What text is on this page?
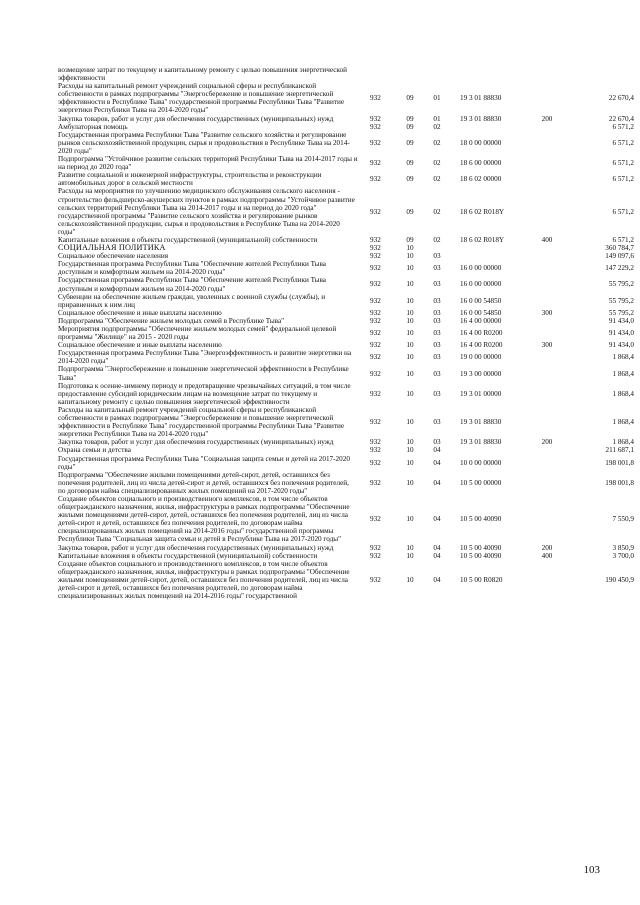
возмещение затрат по текущему и капитальному ремонту с целью повышения энергетической эффективности						
Расходы на капитальный ремонт учреждений социальной сферы и республиканской собственности в рамках подпрограммы "Энергосбережение и повышение энергетической эффективности в Республике Тыва" государственной программы Республики Тыва "Развитие энергетики Республики Тыва на 2014-2020 годы"	932	09	01	19 3 01 88830		22 670,4
Закупка товаров, работ и услуг для обеспечения государственных (муниципальных) нужд	932	09	01	19 3 01 88830	200	22 670,4
Амбулаторная помощь	932	09	02			6 571,2
Государственная программа Республики Тыва "Развитие сельского хозяйства и регулирование рынков сельскохозяйственной продукции, сырья и продовольствия в Республике Тыва на 2014-2020 годы"	932	09	02	18 0 00 00000		6 571,2
Подпрограмма "Устойчивое развитие сельских территорий Республики Тыва на 2014-2017 годы и на период до 2020 года"	932	09	02	18 6 00 00000		6 571,2
Развитие социальной и инженерной инфраструктуры, строительства и реконструкции автомобильных дорог в сельской местности	932	09	02	18 6 02 00000		6 571,2
Расходы на мероприятия по улучшению медицинского обслуживания сельского населения - строительство фельдшерско-акушерских пунктов в рамках подпрограммы "Устойчивое развитие сельских территорий Республики Тыва на 2014-2017 годы и на период до 2020 года" государственной программы "Развитие сельского хозяйства и регулирование рынков сельскохозяйственной продукции, сырья и продовольствия в Республике Тыва на 2014-2020 годы"	932	09	02	18 6 02 R018Y		6 571,2
Капитальные вложения в объекты государственной (муниципальной) собственности	932	09	02	18 6 02 R018Y	400	6 571,2
СОЦИАЛЬНАЯ ПОЛИТИКА	932	10				360 784,7
Социальное обеспечение населения	932	10	03			149 097,6
Государственная программа Республики Тыва "Обеспечение жителей Республики Тыва доступным и комфортным жильем на 2014-2020 годы"	932	10	03	16 0 00 00000		147 229,2
Государственная программа Республики Тыва "Обеспечение жителей Республики Тыва доступным и комфортным жильем на 2014-2020 годы"	932	10	03	16 0 00 00000		55 795,2
Субвенции на обеспечение жильем граждан, уволенных с военной службы (службы), и приравненных к ним лиц	932	10	03	16 0 00 54850		55 795,2
Социальное обеспечение и иные выплаты населению	932	10	03	16 0 00 54850	300	55 795,2
Подпрограмма "Обеспечение жильем молодых семей в Республике Тыва"	932	10	03	16 4 00 00000		91 434,0
Мероприятия подпрограммы "Обеспечение жильем молодых семей" федеральной целевой программы "Жилище" на 2015 - 2020 годы	932	10	03	16 4 00 R0200		91 434,0
Социальное обеспечение и иные выплаты населению	932	10	03	16 4 00 R0200	300	91 434,0
Государственная программа Республики Тыва "Энергоэффективность и развитие энергетики на 2014-2020 годы"	932	10	03	19 0 00 00000		1 868,4
Подпрограмма "Энергосбережение и повышение энергетической эффективности в Республике Тыва"	932	10	03	19 3 00 00000		1 868,4
Подготовка к осенне-зимнему периоду и предотвращение чрезвычайных ситуаций, в том числе предоставление субсидий юридическим лицам на возмещение затрат по текущему и капитальному ремонту с целью повышения энергетической эффективности	932	10	03	19 3 01 00000		1 868,4
Расходы на капитальный ремонт учреждений социальной сферы и республиканской собственности в рамках подпрограммы "Энергосбережение и повышение энергетической эффективности в Республике Тыва" государственной программы Республики Тыва "Развитие энергетики Республики Тыва на 2014-2020 годы"	932	10	03	19 3 01 88830		1 868,4
Закупка товаров, работ и услуг для обеспечения государственных (муниципальных) нужд	932	10	03	19 3 01 88830	200	1 868,4
Охрана семьи и детства	932	10	04			211 687,1
Государственная программа Республики Тыва "Социальная защита семьи и детей на 2017-2020 годы"	932	10	04	10 0 00 00000		198 001,8
Подпрограмма "Обеспечение жилыми помещениями детей-сирот, детей, оставшихся без попечения родителей, лиц из числа детей-сирот и детей, оставшихся без попечения родителей, по договорам найма специализированных жилых помещений на 2017-2020 годы"	932	10	04	10 5 00 00000		198 001,8
Создание объектов социального и производственного комплексов, в том числе объектов общегражданского назначения, жилья, инфраструктуры в рамках подпрограммы "Обеспечение жилыми помещениями детей-сирот, детей, оставшихся без попечения родителей, лиц из числа детей-сирот и детей, оставшихся без попечения родителей, по договорам найма специализированных жилых помещений на 2014-2016 годы" государственной программы Республики Тыва "Социальная защита семьи и детей в Республике Тыва на 2017-2020 годы"	932	10	04	10 5 00 40090		7 550,9
Закупка товаров, работ и услуг для обеспечения государственных (муниципальных) нужд	932	10	04	10 5 00 40090	200	3 850,9
Капитальные вложения в объекты государственной (муниципальной) собственности	932	10	04	10 5 00 40090	400	3 700,0
Создание объектов социального и производственного комплексов, в том числе объектов общегражданского назначения, жилья, инфраструктуры в рамках подпрограммы "Обеспечение жилыми помещениями детей-сирот, детей, оставшихся без попечения родителей, лиц из числа детей-сирот и детей, оставшихся без попечения родителей, по договорам найма специализированных жилых помещений на 2014-2016 годы" государственной	932	10	04	10 5 00 R0820		190 450,9
103
